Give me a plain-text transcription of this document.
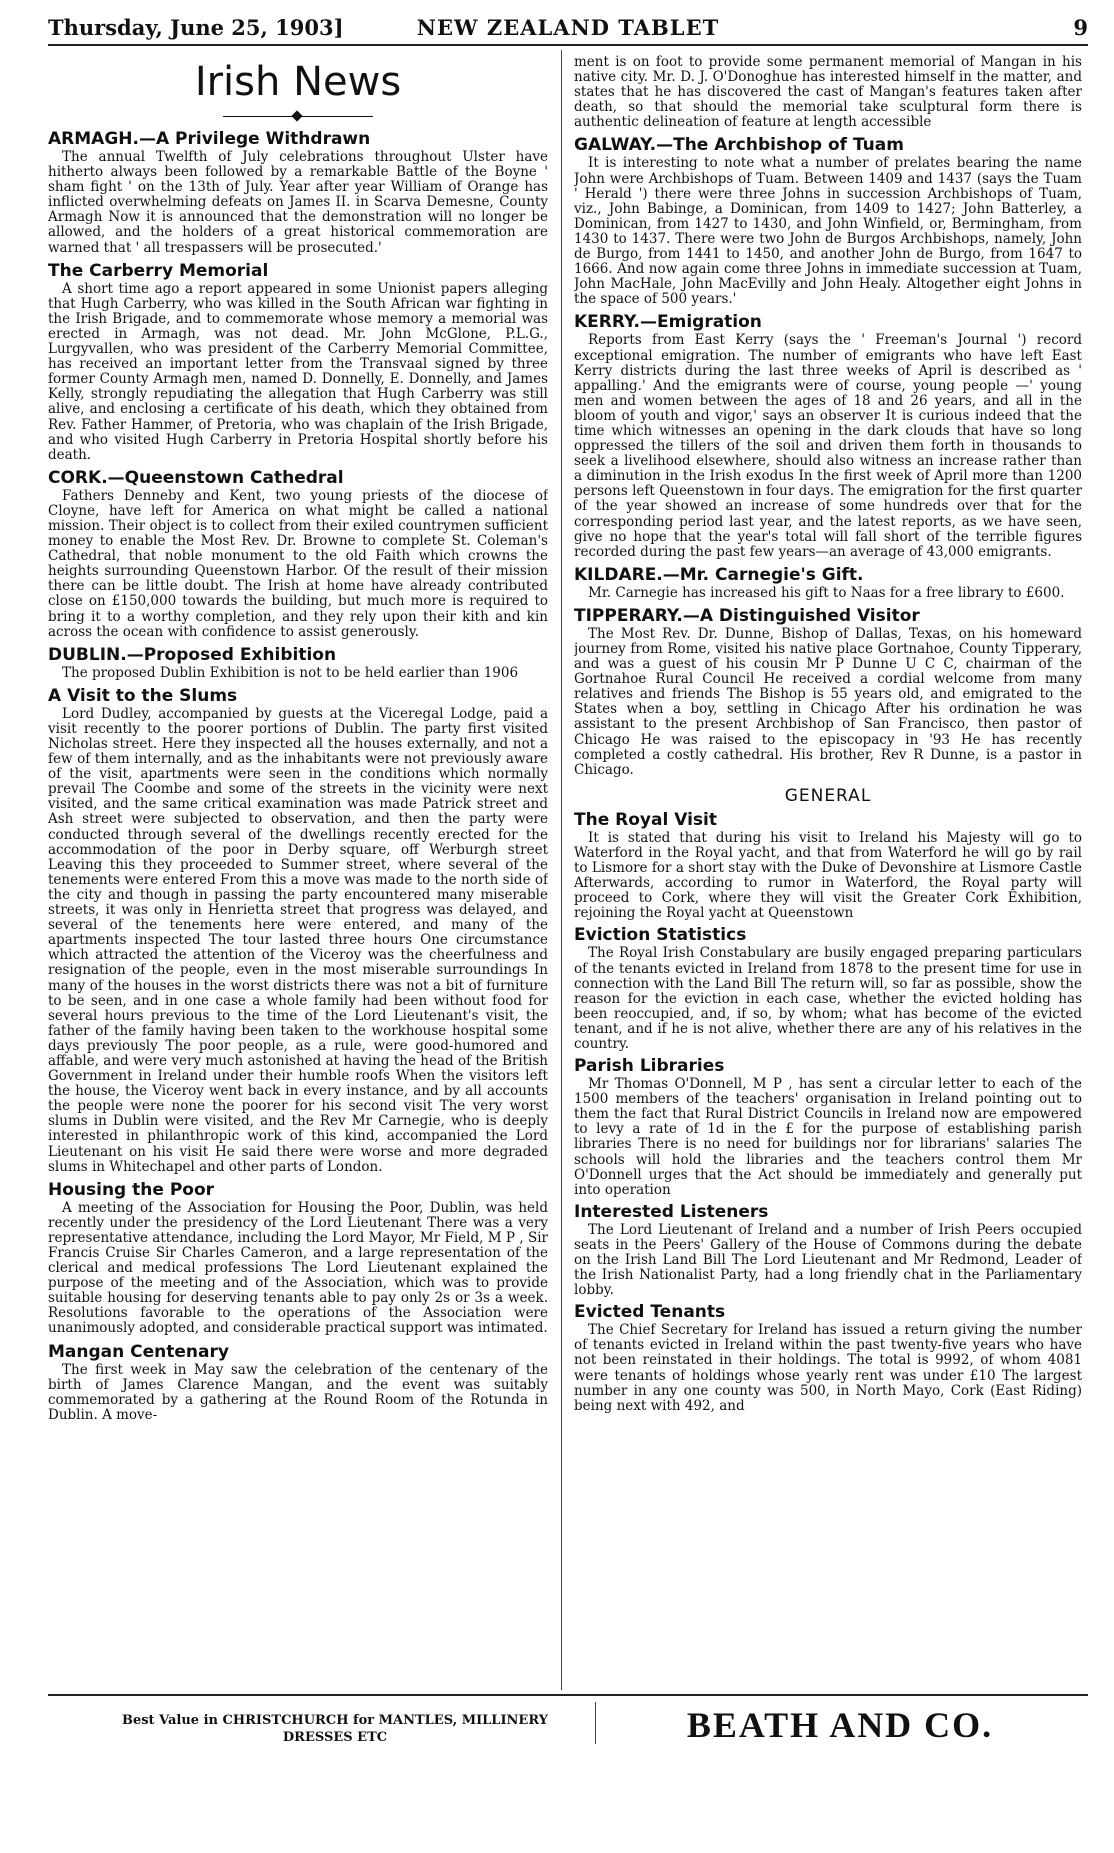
Thursday, June 25, 1903]	NEW ZEALAND TABLET	9
Irish News
ARMAGH.—A Privilege Withdrawn

The annual Twelfth of July celebrations throughout Ulster have hitherto always been followed by a remarkable Battle of the Boyne ' sham fight ' on the 13th of July. Year after year William of Orange has inflicted overwhelming defeats on James II. in Scarva Demesne, County Armagh Now it is announced that the demonstration will no longer be allowed, and the holders of a great historical commemoration are warned that ' all trespassers will be prosecuted.'

The Carberry Memorial

A short time ago a report appeared in some Unionist papers alleging that Hugh Carberry, who was killed in the South African war fighting in the Irish Brigade, and to commemorate whose memory a memorial was erected in Armagh, was not dead. Mr. John McGlone, P.L.G., Lurgyvallen, who was president of the Carberry Memorial Committee, has received an important letter from the Transvaal signed by three former County Armagh men, named D. Donnelly, E. Donnelly, and James Kelly, strongly repudiating the allegation that Hugh Carberry was still alive, and enclosing a certificate of his death, which they obtained from Rev. Father Hammer, of Pretoria, who was chaplain of the Irish Brigade, and who visited Hugh Carberry in Pretoria Hospital shortly before his death.

CORK.—Queenstown Cathedral

Fathers Denneby and Kent, two young priests of the diocese of Cloyne, have left for America on what might be called a national mission. Their object is to collect from their exiled countrymen sufficient money to enable the Most Rev. Dr. Browne to complete St. Coleman's Cathedral, that noble monument to the old Faith which crowns the heights surrounding Queenstown Harbor. Of the result of their mission there can be little doubt. The Irish at home have already contributed close on £150,000 towards the building, but much more is required to bring it to a worthy completion, and they rely upon their kith and kin across the ocean with confidence to assist generously.

DUBLIN.—Proposed Exhibition

The proposed Dublin Exhibition is not to be held earlier than 1906

A Visit to the Slums

Lord Dudley, accompanied by guests at the Viceregal Lodge, paid a visit recently to the poorer portions of Dublin. The party first visited Nicholas street. Here they inspected all the houses externally, and not a few of them internally, and as the inhabitants were not previously aware of the visit, apartments were seen in the conditions which normally prevail The Coombe and some of the streets in the vicinity were next visited, and the same critical examination was made Patrick street and Ash street were subjected to observation, and then the party were conducted through several of the dwellings recently erected for the accommodation of the poor in Derby square, off Werburgh street Leaving this they proceeded to Summer street, where several of the tenements were entered From this a move was made to the north side of the city and though in passing the party encountered many miserable streets, it was only in Henrietta street that progress was delayed, and several of the tenements here were entered, and many of the apartments inspected The tour lasted three hours One circumstance which attracted the attention of the Viceroy was the cheerfulness and resignation of the people, even in the most miserable surroundings In many of the houses in the worst districts there was not a bit of furniture to be seen, and in one case a whole family had been without food for several hours previous to the time of the Lord Lieutenant's visit, the father of the family having been taken to the workhouse hospital some days previously The poor people, as a rule, were good-humored and affable, and were very much astonished at having the head of the British Government in Ireland under their humble roofs When the visitors left the house, the Viceroy went back in every instance, and by all accounts the people were none the poorer for his second visit The very worst slums in Dublin were visited, and the Rev Mr Carnegie, who is deeply interested in philanthropic work of this kind, accompanied the Lord Lieutenant on his visit He said there were worse and more degraded slums in Whitechapel and other parts of London.

Housing the Poor

A meeting of the Association for Housing the Poor, Dublin, was held recently under the presidency of the Lord Lieutenant There was a very representative attendance, including the Lord Mayor, Mr Field, M P , Sir Francis Cruise Sir Charles Cameron, and a large representation of the clerical and medical professions The Lord Lieutenant explained the purpose of the meeting and of the Association, which was to provide suitable housing for deserving tenants able to pay only 2s or 3s a week. Resolutions favorable to the operations of the Association were unanimously adopted, and considerable practical support was intimated.

Mangan Centenary

The first week in May saw the celebration of the centenary of the birth of James Clarence Mangan, and the event was suitably commemorated by a gathering at the Round Room of the Rotunda in Dublin. A move-

ment is on foot to provide some permanent memorial of Mangan in his native city. Mr. D. J. O'Donoghue has interested himself in the matter, and states that he has discovered the cast of Mangan's features taken after death, so that should the memorial take sculptural form there is authentic delineation of feature at length accessible

GALWAY.—The Archbishop of Tuam

It is interesting to note what a number of prelates bearing the name John were Archbishops of Tuam. Between 1409 and 1437 (says the Tuam ' Herald ') there were three Johns in succession Archbishops of Tuam, viz., John Babinge, a Dominican, from 1409 to 1427; John Batterley, a Dominican, from 1427 to 1430, and John Winfield, or, Bermingham, from 1430 to 1437. There were two John de Burgos Archbishops, namely, John de Burgo, from 1441 to 1450, and another John de Burgo, from 1647 to 1666. And now again come three Johns in immediate succession at Tuam, John MacHale, John MacEvilly and John Healy. Altogether eight Johns in the space of 500 years.'

KERRY.—Emigration

Reports from East Kerry (says the ' Freeman's Journal ') record exceptional emigration. The number of emigrants who have left East Kerry districts during the last three weeks of April is described as ' appalling.' And the emigrants were of course, young people —' young men and women between the ages of 18 and 26 years, and all in the bloom of youth and vigor,' says an observer It is curious indeed that the time which witnesses an opening in the dark clouds that have so long oppressed the tillers of the soil and driven them forth in thousands to seek a livelihood elsewhere, should also witness an increase rather than a diminution in the Irish exodus In the first week of April more than 1200 persons left Queenstown in four days. The emigration for the first quarter of the year showed an increase of some hundreds over that for the corresponding period last year, and the latest reports, as we have seen, give no hope that the year's total will fall short of the terrible figures recorded during the past few years—an average of 43,000 emigrants.

KILDARE.—Mr. Carnegie's Gift.

Mr. Carnegie has increased his gift to Naas for a free library to £600.

TIPPERARY.—A Distinguished Visitor

The Most Rev. Dr. Dunne, Bishop of Dallas, Texas, on his homeward journey from Rome, visited his native place Gortnahoe, County Tipperary, and was a guest of his cousin Mr P Dunne U C C, chairman of the Gortnahoe Rural Council He received a cordial welcome from many relatives and friends The Bishop is 55 years old, and emigrated to the States when a boy, settling in Chicago After his ordination he was assistant to the present Archbishop of San Francisco, then pastor of Chicago He was raised to the episcopacy in '93 He has recently completed a costly cathedral. His brother, Rev R Dunne, is a pastor in Chicago.

GENERAL
The Royal Visit

It is stated that during his visit to Ireland his Majesty will go to Waterford in the Royal yacht, and that from Waterford he will go by rail to Lismore for a short stay with the Duke of Devonshire at Lismore Castle Afterwards, according to rumor in Waterford, the Royal party will proceed to Cork, where they will visit the Greater Cork Exhibition, rejoining the Royal yacht at Queenstown

Eviction Statistics

The Royal Irish Constabulary are busily engaged preparing particulars of the tenants evicted in Ireland from 1878 to the present time for use in connection with the Land Bill The return will, so far as possible, show the reason for the eviction in each case, whether the evicted holding has been reoccupied, and, if so, by whom; what has become of the evicted tenant, and if he is not alive, whether there are any of his relatives in the country.

Parish Libraries

Mr Thomas O'Donnell, M P , has sent a circular letter to each of the 1500 members of the teachers' organisation in Ireland pointing out to them the fact that Rural District Councils in Ireland now are empowered to levy a rate of 1d in the £ for the purpose of establishing parish libraries There is no need for buildings nor for librarians' salaries The schools will hold the libraries and the teachers control them Mr O'Donnell urges that the Act should be immediately and generally put into operation

Interested Listeners

The Lord Lieutenant of Ireland and a number of Irish Peers occupied seats in the Peers' Gallery of the House of Commons during the debate on the Irish Land Bill The Lord Lieutenant and Mr Redmond, Leader of the Irish Nationalist Party, had a long friendly chat in the Parliamentary lobby.

Evicted Tenants

The Chief Secretary for Ireland has issued a return giving the number of tenants evicted in Ireland within the past twenty-five years who have not been reinstated in their holdings. The total is 9992, of whom 4081 were tenants of holdings whose yearly rent was under £10 The largest number in any one county was 500, in North Mayo, Cork (East Riding) being next with 492, and

Best Value in CHRISTCHURCH for MANTLES, MILLINERY DRESSES ETC	BEATH AND CO.
